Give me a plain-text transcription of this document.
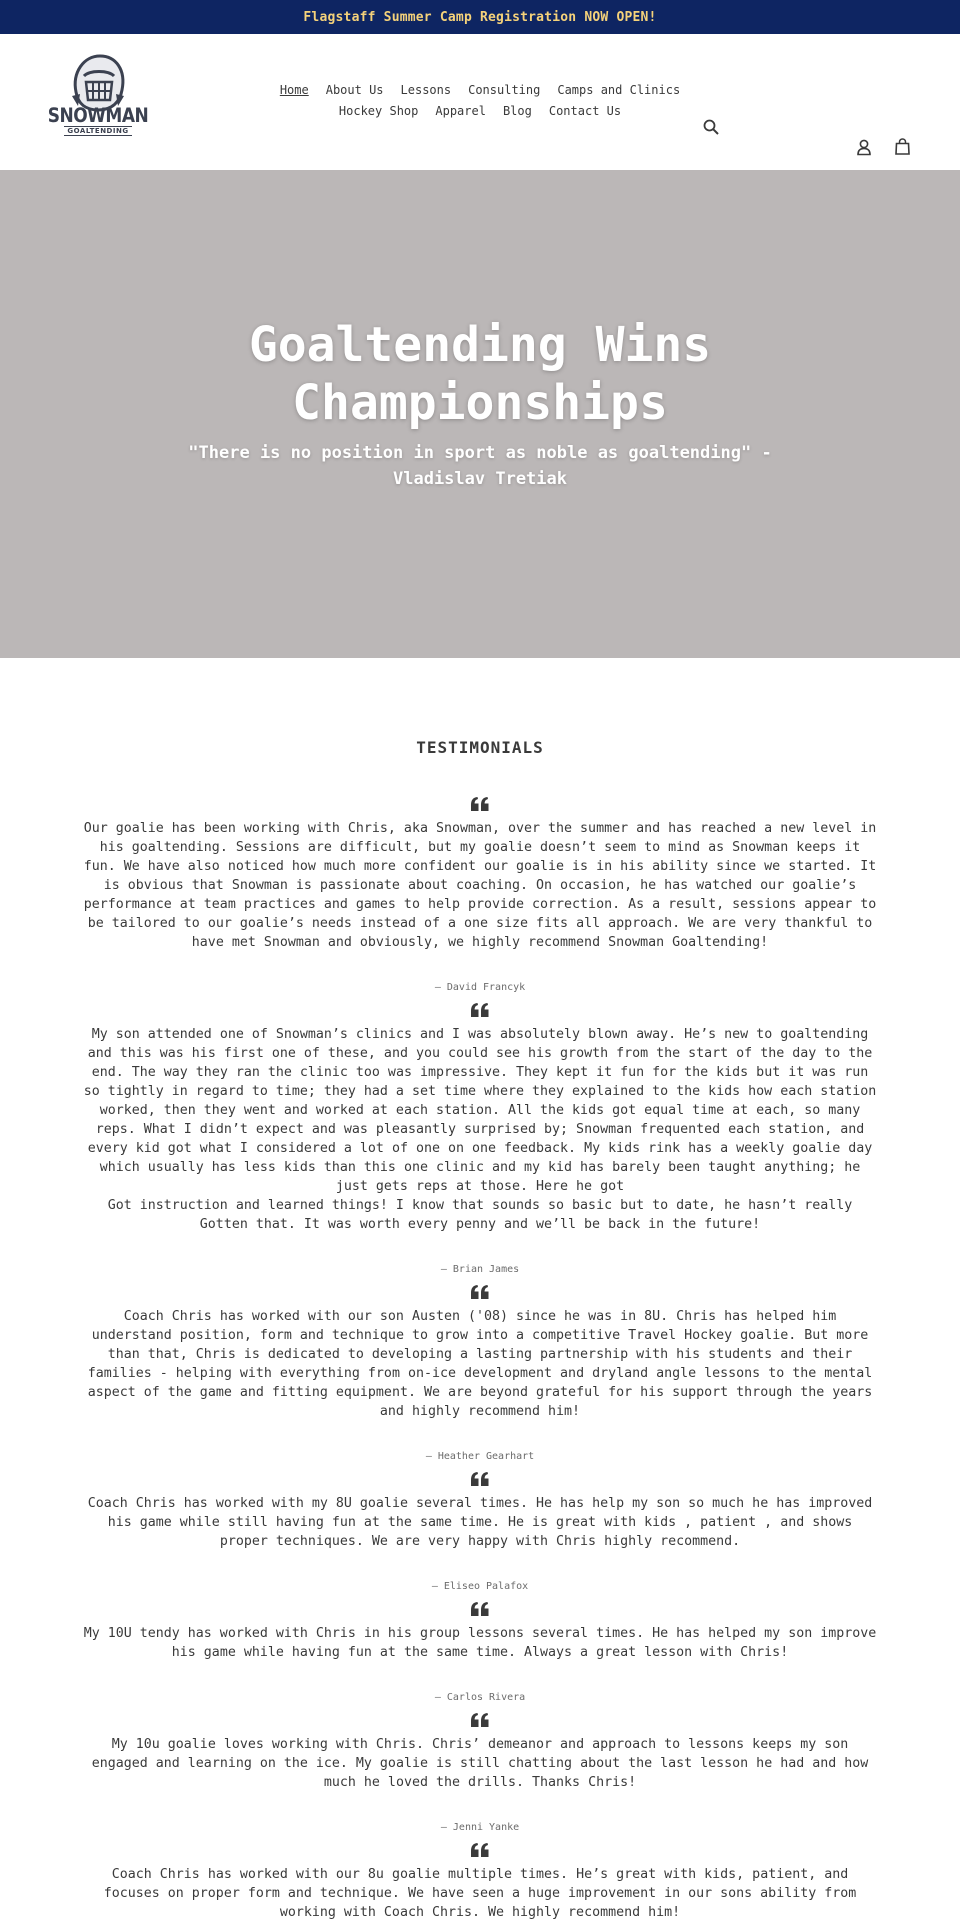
Flagstaff Summer Camp Registration NOW OPEN!
SNOWMAN
GOALTENDING
Home About Us Lessons Consulting Camps and Clinics
Hockey Shop Apparel Blog Contact Us
Goaltending Wins Championships

"There is no position in sport as noble as goaltending" - Vladislav Tretiak

TESTIMONIALS
Our goalie has been working with Chris, aka Snowman, over the summer and has reached a new level in his goaltending. Sessions are difficult, but my goalie doesn’t seem to mind as Snowman keeps it fun. We have also noticed how much more confident our goalie is in his ability since we started. It is obvious that Snowman is passionate about coaching. On occasion, he has watched our goalie’s performance at team practices and games to help provide correction. As a result, sessions appear to be tailored to our goalie’s needs instead of a one size fits all approach. We are very thankful to have met Snowman and obviously, we highly recommend Snowman Goaltending!
— David Francyk
My son attended one of Snowman’s clinics and I was absolutely blown away. He’s new to goaltending and this was his first one of these, and you could see his growth from the start of the day to the end. The way they ran the clinic too was impressive. They kept it fun for the kids but it was run so tightly in regard to time; they had a set time where they explained to the kids how each station worked, then they went and worked at each station. All the kids got equal time at each, so many reps. What I didn’t expect and was pleasantly surprised by; Snowman frequented each station, and every kid got what I considered a lot of one on one feedback. My kids rink has a weekly goalie day which usually has less kids than this one clinic and my kid has barely been taught anything; he just gets reps at those. Here he got
Got instruction and learned things! I know that sounds so basic but to date, he hasn’t really
Gotten that. It was worth every penny and we’ll be back in the future!
— Brian James
Coach Chris has worked with our son Austen ('08) since he was in 8U. Chris has helped him understand position, form and technique to grow into a competitive Travel Hockey goalie. But more than that, Chris is dedicated to developing a lasting partnership with his students and their families - helping with everything from on-ice development and dryland angle lessons to the mental aspect of the game and fitting equipment. We are beyond grateful for his support through the years and highly recommend him!
— Heather Gearhart
Coach Chris has worked with my 8U goalie several times. He has help my son so much he has improved his game while still having fun at the same time. He is great with kids , patient , and shows proper techniques. We are very happy with Chris highly recommend.
— Eliseo Palafox
My 10U tendy has worked with Chris in his group lessons several times. He has helped my son improve his game while having fun at the same time. Always a great lesson with Chris!
— Carlos Rivera
My 10u goalie loves working with Chris. Chris’ demeanor and approach to lessons keeps my son engaged and learning on the ice. My goalie is still chatting about the last lesson he had and how much he loved the drills. Thanks Chris!
— Jenni Yanke
Coach Chris has worked with our 8u goalie multiple times. He’s great with kids, patient, and focuses on proper form and technique. We have seen a huge improvement in our sons ability from working with Coach Chris. We highly recommend him!
